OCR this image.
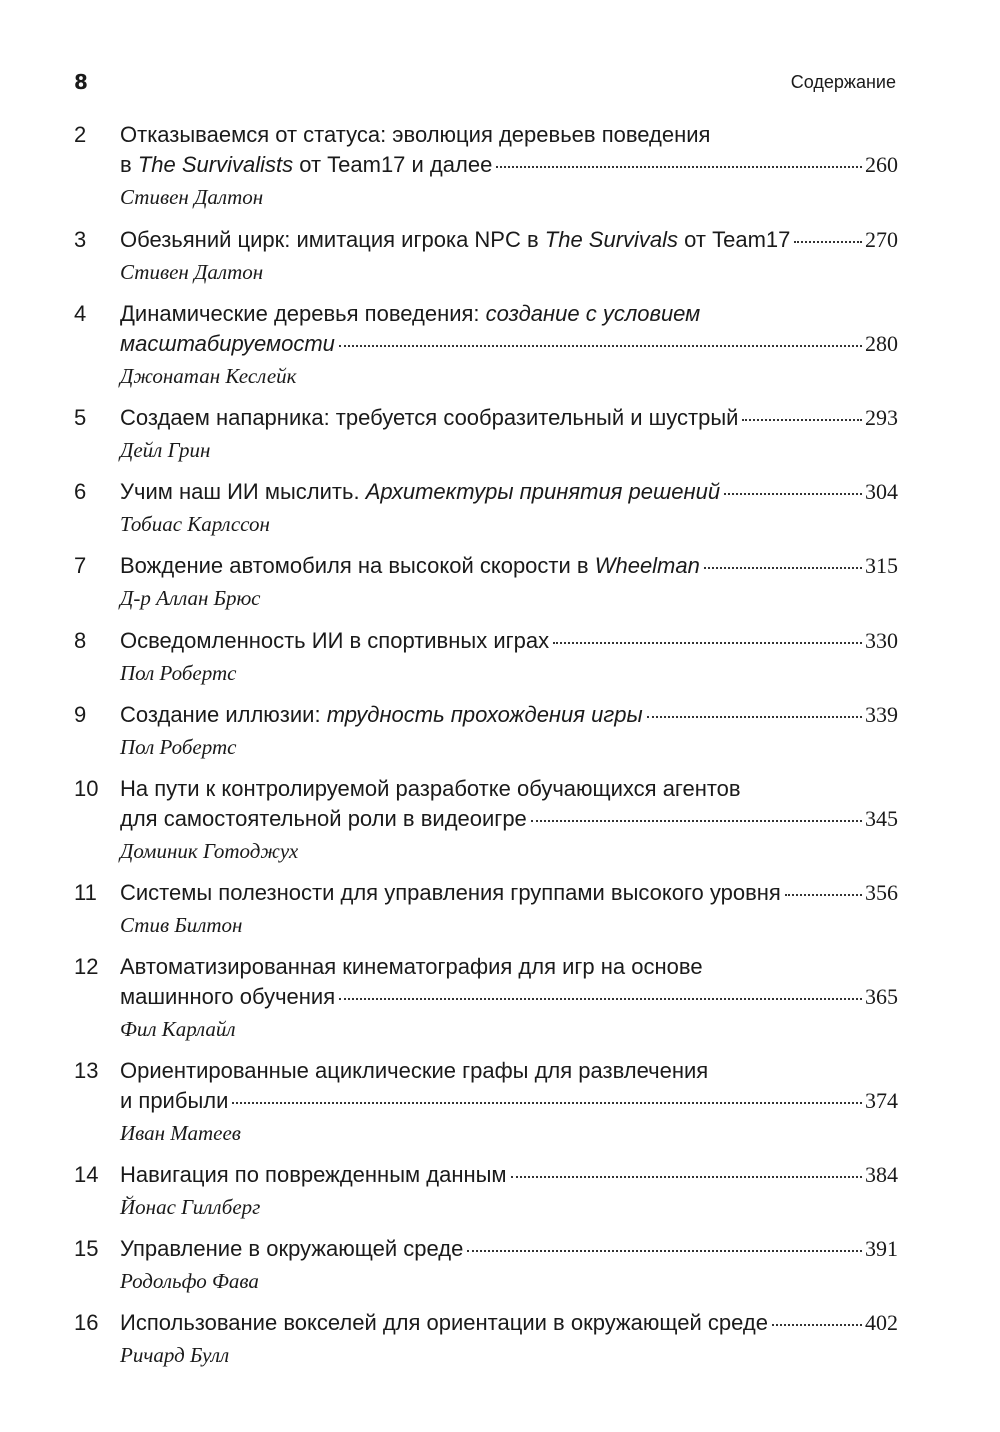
8	Содержание
2 Отказываемся от статуса: эволюция деревьев поведения
в The Survivalists от Team17 и далее	260
Стивен Далтон
3 Обезьяний цирк: имитация игрока NPC в The Survivals от Team17	270
Стивен Далтон
4 Динамические деревья поведения: создание с условием
масштабируемости	280
Джонатан Кеслейк
5 Создаем напарника: требуется сообразительный и шустрый	293
Дейл Грин
6 Учим наш ИИ мыслить. Архитектуры принятия решений	304
Тобиас Карлссон
7 Вождение автомобиля на высокой скорости в Wheelman	315
Д-р Аллан Брюс
8 Осведомленность ИИ в спортивных играх	330
Пол Робертс
9 Создание иллюзии: трудность прохождения игры	339
Пол Робертс
10 На пути к контролируемой разработке обучающихся агентов
для самостоятельной роли в видеоигре	345
Доминик Готоджух
11 Системы полезности для управления группами высокого уровня	356
Стив Билтон
12 Автоматизированная кинематография для игр на основе
машинного обучения	365
Фил Карлайл
13 Ориентированные ациклические графы для развлечения
и прибыли	374
Иван Матеев
14 Навигация по поврежденным данным	384
Йонас Гиллберг
15 Управление в окружающей среде	391
Родольфо Фава
16 Использование вокселей для ориентации в окружающей среде	402
Ричард Булл
